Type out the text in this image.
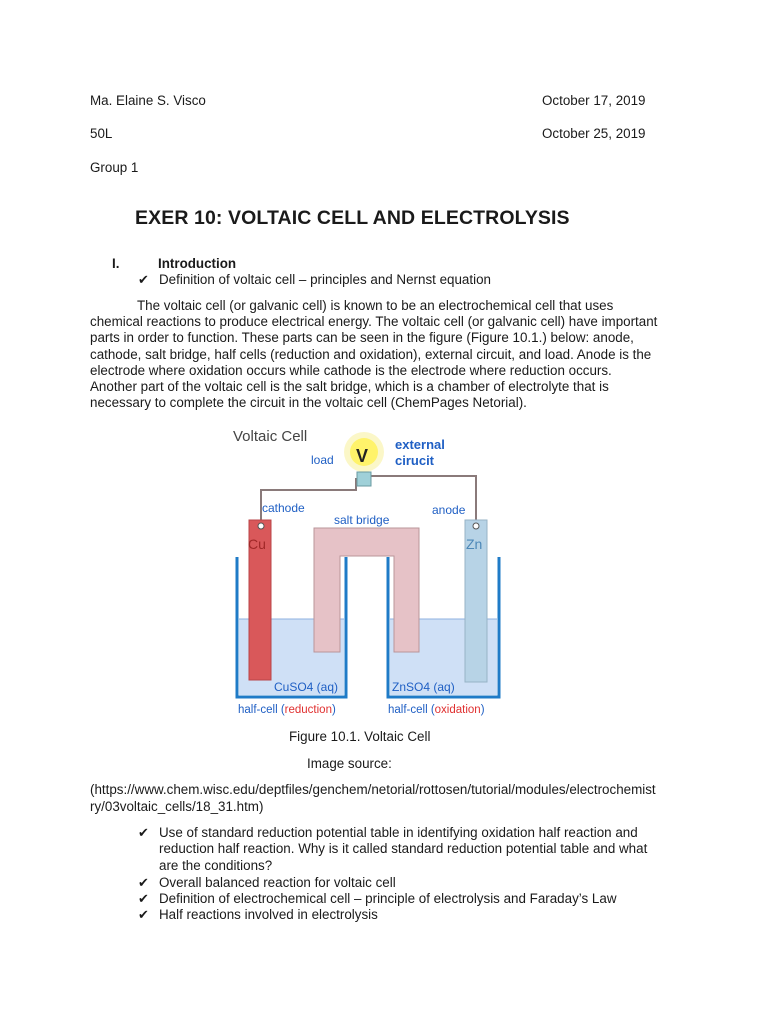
Ma. Elaine S. Visco	October 17, 2019
50L	October 25, 2019
Group 1
EXER 10: VOLTAIC CELL AND ELECTROLYSIS
I.	Introduction
✔ Definition of voltaic cell – principles and Nernst equation
The voltaic cell (or galvanic cell) is known to be an electrochemical cell that uses
chemical reactions to produce electrical energy. The voltaic cell (or galvanic cell) have important
parts in order to function. These parts can be seen in the figure (Figure 10.1.) below: anode,
cathode, salt bridge, half cells (reduction and oxidation), external circuit, and load. Anode is the
electrode where oxidation occurs while cathode is the electrode where reduction occurs.
Another part of the voltaic cell is the salt bridge, which is a chamber of electrolyte that is
necessary to complete the circuit in the voltaic cell (ChemPages Netorial).
Voltaic Cell
V
load
external
cirucit
cathode	anode
salt bridge
Cu	Zn
CuSO4 (aq)	ZnSO4 (aq)
half-cell (reduction)	half-cell (oxidation)
Figure 10.1. Voltaic Cell
Image source:
(https://www.chem.wisc.edu/deptfiles/genchem/netorial/rottosen/tutorial/modules/electrochemist
ry/03voltaic_cells/18_31.htm)
✔ Use of standard reduction potential table in identifying oxidation half reaction and
reduction half reaction. Why is it called standard reduction potential table and what
are the conditions?
✔ Overall balanced reaction for voltaic cell
✔ Definition of electrochemical cell – principle of electrolysis and Faraday’s Law
✔ Half reactions involved in electrolysis
